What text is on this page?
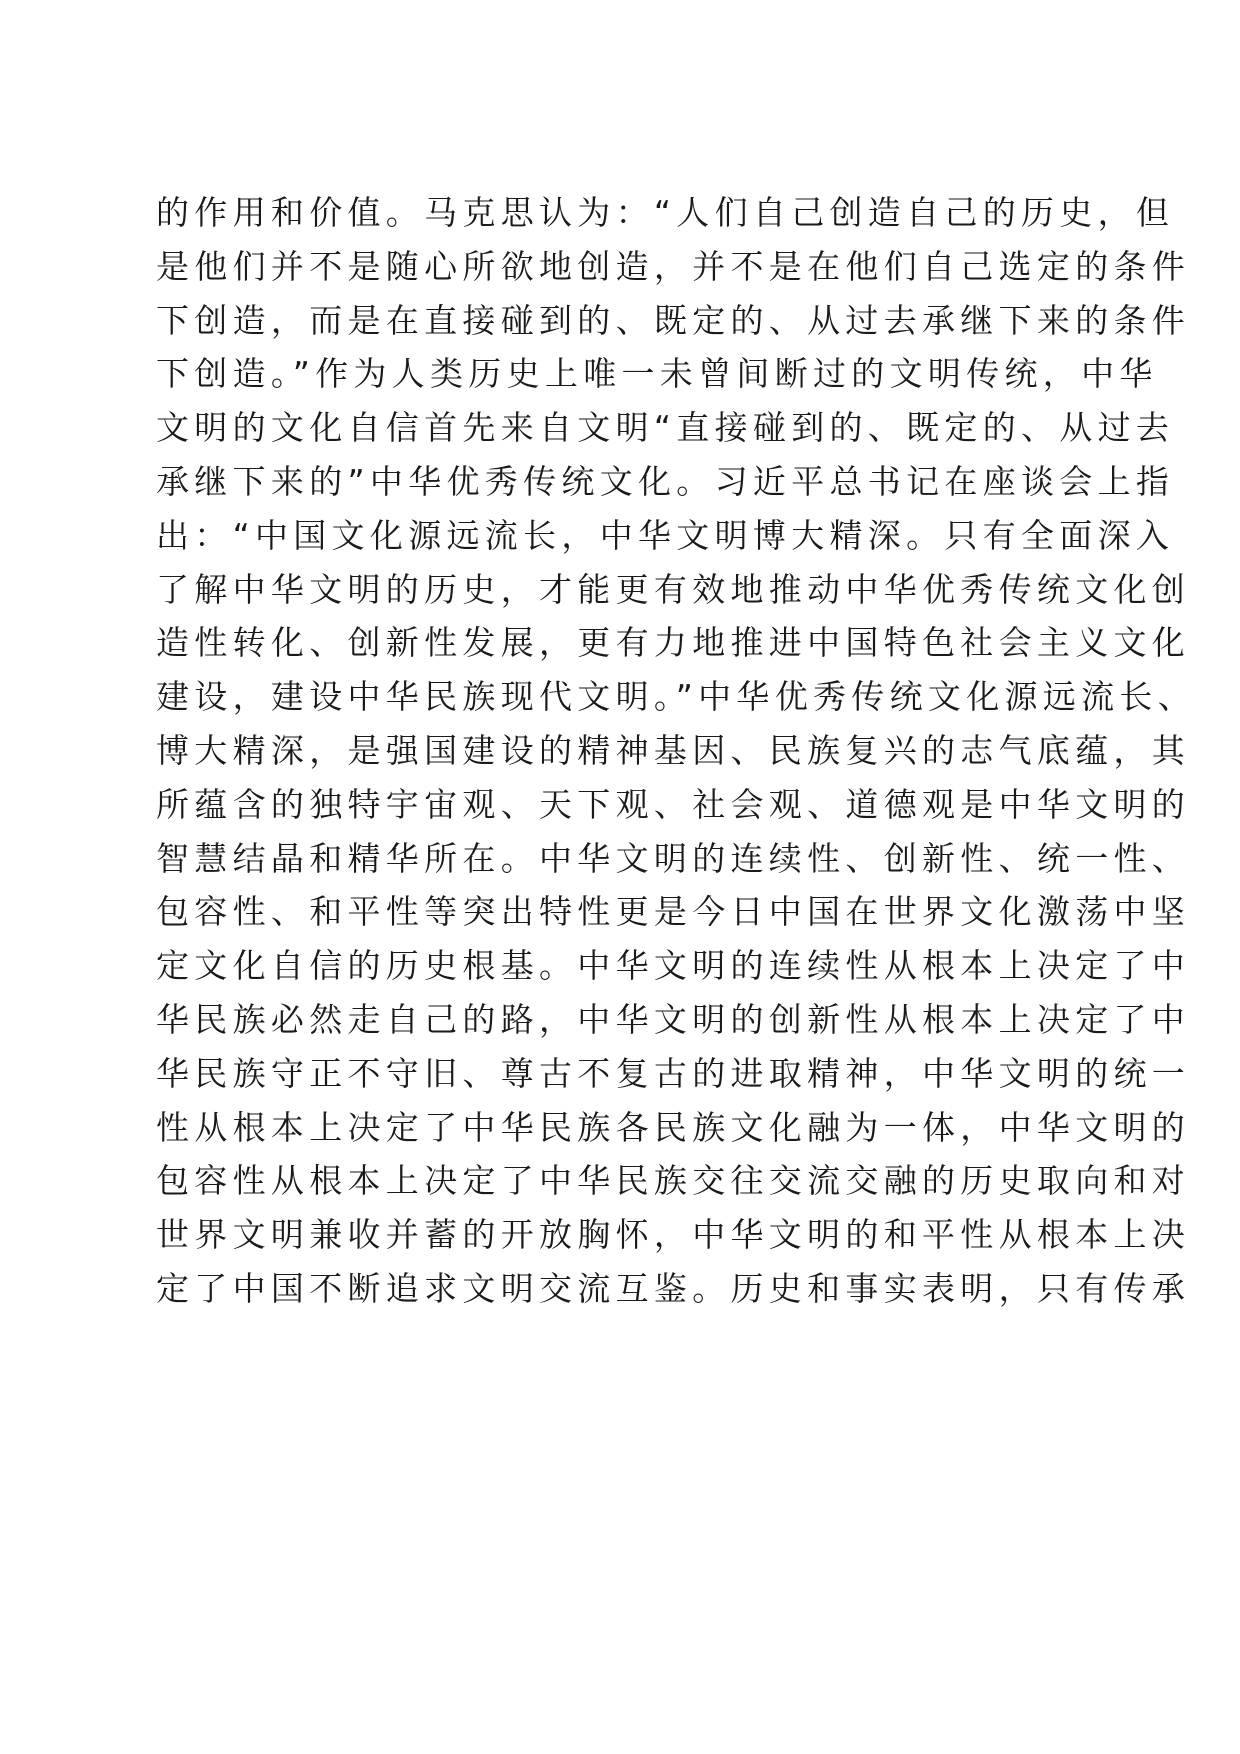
的作用和价值。马克思认为：“人们自己创造自己的历史，但
是他们并不是随心所欲地创造，并不是在他们自己选定的条件
下创造，而是在直接碰到的、既定的、从过去承继下来的条件
下创造。”作为人类历史上唯一未曾间断过的文明传统，中华
文明的文化自信首先来自文明“直接碰到的、既定的、从过去
承继下来的”中华优秀传统文化。习近平总书记在座谈会上指
出：“中国文化源远流长，中华文明博大精深。只有全面深入
了解中华文明的历史，才能更有效地推动中华优秀传统文化创
造性转化、创新性发展，更有力地推进中国特色社会主义文化
建设，建设中华民族现代文明。”中华优秀传统文化源远流长、
博大精深，是强国建设的精神基因、民族复兴的志气底蕴，其
所蕴含的独特宇宙观、天下观、社会观、道德观是中华文明的
智慧结晶和精华所在。中华文明的连续性、创新性、统一性、
包容性、和平性等突出特性更是今日中国在世界文化激荡中坚
定文化自信的历史根基。中华文明的连续性从根本上决定了中
华民族必然走自己的路，中华文明的创新性从根本上决定了中
华民族守正不守旧、尊古不复古的进取精神，中华文明的统一
性从根本上决定了中华民族各民族文化融为一体，中华文明的
包容性从根本上决定了中华民族交往交流交融的历史取向和对
世界文明兼收并蓄的开放胸怀，中华文明的和平性从根本上决
定了中国不断追求文明交流互鉴。历史和事实表明，只有传承
